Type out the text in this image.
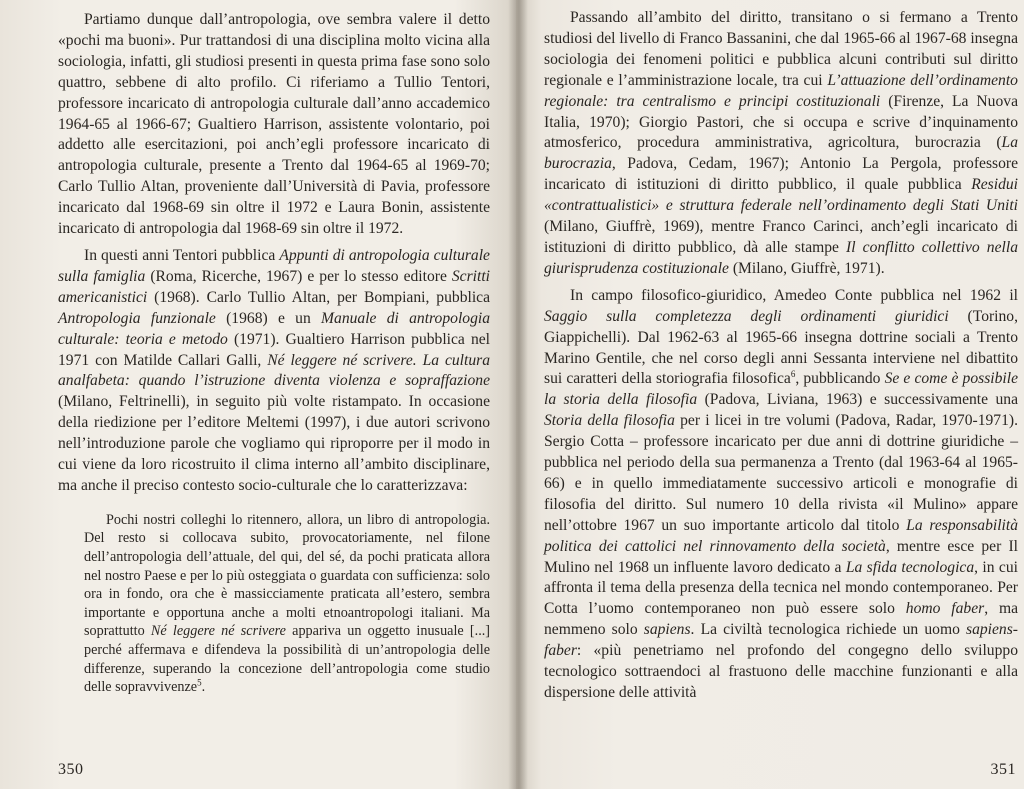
Partiamo dunque dall’antropologia, ove sembra valere il detto «pochi ma buoni». Pur trattandosi di una disciplina molto vicina alla sociologia, infatti, gli studiosi presenti in questa prima fase sono solo quattro, sebbene di alto profilo. Ci riferiamo a Tullio Tentori, professore incaricato di antropologia culturale dall’anno accademico 1964-65 al 1966-67; Gualtiero Harrison, assistente volontario, poi addetto alle esercitazioni, poi anch’egli professore incaricato di antropologia culturale, presente a Trento dal 1964-65 al 1969-70; Carlo Tullio Altan, proveniente dall’Università di Pavia, professore incaricato dal 1968-69 sin oltre il 1972 e Laura Bonin, assistente incaricato di antropologia dal 1968-69 sin oltre il 1972.

In questi anni Tentori pubblica Appunti di antropologia culturale sulla famiglia (Roma, Ricerche, 1967) e per lo stesso editore Scritti americanistici (1968). Carlo Tullio Altan, per Bompiani, pubblica Antropologia funzionale (1968) e un Manuale di antropologia culturale: teoria e metodo (1971). Gualtiero Harrison pubblica nel 1971 con Matilde Callari Galli, Né leggere né scrivere. La cultura analfabeta: quando l’istruzione diventa violenza e sopraffazione (Milano, Feltrinelli), in seguito più volte ristampato. In occasione della riedizione per l’editore Meltemi (1997), i due autori scrivono nell’introduzione parole che vogliamo qui riproporre per il modo in cui viene da loro ricostruito il clima interno all’ambito disciplinare, ma anche il preciso contesto socio-culturale che lo caratterizzava:

Pochi nostri colleghi lo ritennero, allora, un libro di antropologia. Del resto si collocava subito, provocatoriamente, nel filone dell’antropologia dell’attuale, del qui, del sé, da pochi praticata allora nel nostro Paese e per lo più osteggiata o guardata con sufficienza: solo ora in fondo, ora che è massicciamente praticata all’estero, sembra importante e opportuna anche a molti etnoantropologi italiani. Ma soprattutto Né leggere né scrivere appariva un oggetto inusuale [...] perché affermava e difendeva la possibilità di un’antropologia delle differenze, superando la concezione dell’antropologia come studio delle sopravvivenze$^5$.

350

Passando all’ambito del diritto, transitano o si fermano a Trento studiosi del livello di Franco Bassanini, che dal 1965-66 al 1967-68 insegna sociologia dei fenomeni politici e pubblica alcuni contributi sul diritto regionale e l’amministrazione locale, tra cui L’attuazione dell’ordinamento regionale: tra centralismo e principi costituzionali (Firenze, La Nuova Italia, 1970); Giorgio Pastori, che si occupa e scrive d’inquinamento atmosferico, procedura amministrativa, agricoltura, burocrazia (La burocrazia, Padova, Cedam, 1967); Antonio La Pergola, professore incaricato di istituzioni di diritto pubblico, il quale pubblica Residui «contrattualistici» e struttura federale nell’ordinamento degli Stati Uniti (Milano, Giuffrè, 1969), mentre Franco Carinci, anch’egli incaricato di istituzioni di diritto pubblico, dà alle stampe Il conflitto collettivo nella giurisprudenza costituzionale (Milano, Giuffrè, 1971).

In campo filosofico-giuridico, Amedeo Conte pubblica nel 1962 il Saggio sulla completezza degli ordinamenti giuridici (Torino, Giappichelli). Dal 1962-63 al 1965-66 insegna dottrine sociali a Trento Marino Gentile, che nel corso degli anni Sessanta interviene nel dibattito sui caratteri della storiografia filosofica$^6$, pubblicando Se e come è possibile la storia della filosofia (Padova, Liviana, 1963) e successivamente una Storia della filosofia per i licei in tre volumi (Padova, Radar, 1970-1971). Sergio Cotta – professore incaricato per due anni di dottrine giuridiche – pubblica nel periodo della sua permanenza a Trento (dal 1963-64 al 1965-66) e in quello immediatamente successivo articoli e monografie di filosofia del diritto. Sul numero 10 della rivista «il Mulino» appare nell’ottobre 1967 un suo importante articolo dal titolo La responsabilità politica dei cattolici nel rinnovamento della società, mentre esce per Il Mulino nel 1968 un influente lavoro dedicato a La sfida tecnologica, in cui affronta il tema della presenza della tecnica nel mondo contemporaneo. Per Cotta l’uomo contemporaneo non può essere solo homo faber, ma nemmeno solo sapiens. La civiltà tecnologica richiede un uomo sapiens-faber: «più penetriamo nel profondo del congegno dello sviluppo tecnologico sottraendoci al frastuono delle macchine funzionanti e alla dispersione delle attività

351
